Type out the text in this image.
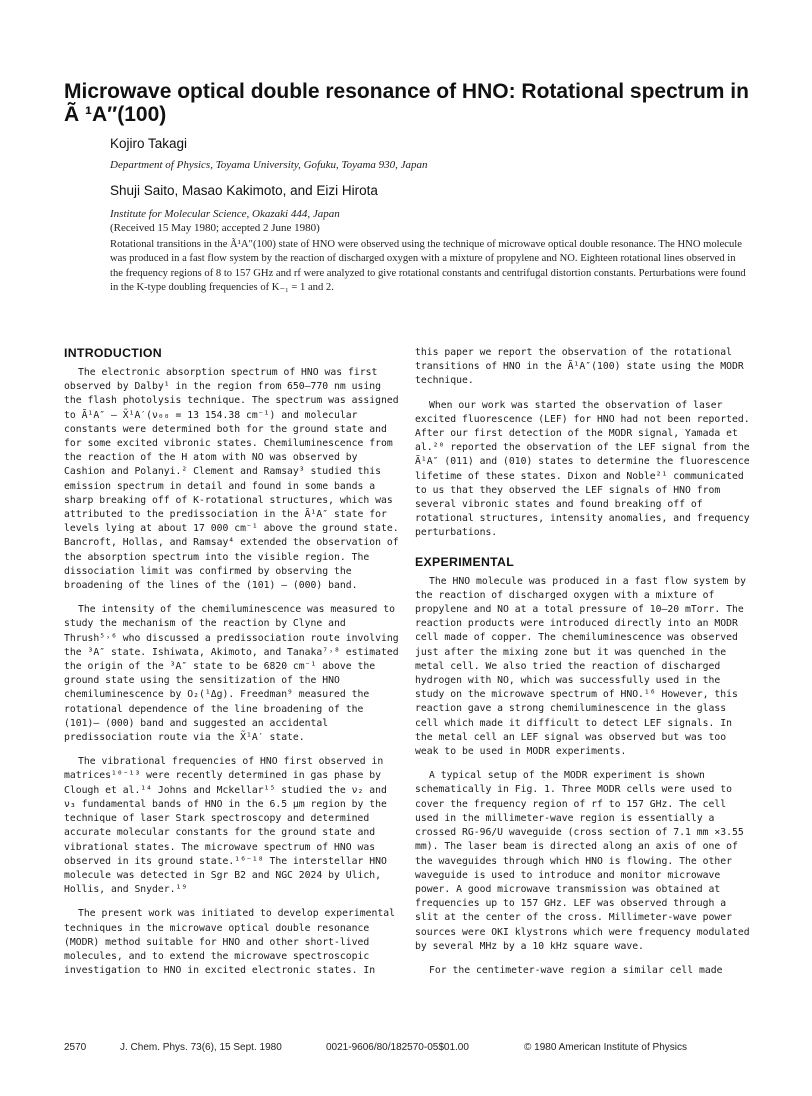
Microwave optical double resonance of HNO: Rotational spectrum in Ã ¹A″(100)
Kojiro Takagi
Department of Physics, Toyama University, Gofuku, Toyama 930, Japan
Shuji Saito, Masao Kakimoto, and Eizi Hirota
Institute for Molecular Science, Okazaki 444, Japan
(Received 15 May 1980; accepted 2 June 1980)

Rotational transitions in the Ã¹A″(100) state of HNO were observed using the technique of microwave optical double resonance. The HNO molecule was produced in a fast flow system by the reaction of discharged oxygen with a mixture of propylene and NO. Eighteen rotational lines observed in the frequency regions of 8 to 157 GHz and rf were analyzed to give rotational constants and centrifugal distortion constants. Perturbations were found in the K-type doubling frequencies of K₋₁ = 1 and 2.

INTRODUCTION

The electronic absorption spectrum of HNO was first observed by Dalby¹ in the region from 650–770 nm using the flash photolysis technique. The spectrum was assigned to Ã¹A″ – X̃¹A′(ν₀₀ = 13 154.38 cm⁻¹) and molecular constants were determined both for the ground state and for some excited vibronic states. Chemiluminescence from the reaction of the H atom with NO was observed by Cashion and Polanyi.² Clement and Ramsay³ studied this emission spectrum in detail and found in some bands a sharp breaking off of K-rotational structures, which was attributed to the predissociation in the Ã¹A″ state for levels lying at about 17 000 cm⁻¹ above the ground state. Bancroft, Hollas, and Ramsay⁴ extended the observation of the absorption spectrum into the visible region. The dissociation limit was confirmed by observing the broadening of the lines of the (101) – (000) band.

The intensity of the chemiluminescence was measured to study the mechanism of the reaction by Clyne and Thrush⁵˒⁶ who discussed a predissociation route involving the ³A″ state. Ishiwata, Akimoto, and Tanaka⁷˒⁸ estimated the origin of the ³A″ state to be 6820 cm⁻¹ above the ground state using the sensitization of the HNO chemiluminescence by O₂(¹Δg). Freedman⁹ measured the rotational dependence of the line broadening of the (101)– (000) band and suggested an accidental predissociation route via the X̃¹A′ state.

The vibrational frequencies of HNO first observed in matrices¹⁰⁻¹³ were recently determined in gas phase by Clough et al.¹⁴ Johns and Mckellar¹⁵ studied the ν₂ and ν₃ fundamental bands of HNO in the 6.5 μm region by the technique of laser Stark spectroscopy and determined accurate molecular constants for the ground state and vibrational states. The microwave spectrum of HNO was observed in its ground state.¹⁶⁻¹⁸ The interstellar HNO molecule was detected in Sgr B2 and NGC 2024 by Ulich, Hollis, and Snyder.¹⁹

The present work was initiated to develop experimental techniques in the microwave optical double resonance (MODR) method suitable for HNO and other short-lived molecules, and to extend the microwave spectroscopic investigation to HNO in excited electronic states. In

this paper we report the observation of the rotational transitions of HNO in the Ã¹A″(100) state using the MODR technique.

When our work was started the observation of laser excited fluorescence (LEF) for HNO had not been reported. After our first detection of the MODR signal, Yamada et al.²⁰ reported the observation of the LEF signal from the Ã¹A″ (011) and (010) states to determine the fluorescence lifetime of these states. Dixon and Noble²¹ communicated to us that they observed the LEF signals of HNO from several vibronic states and found breaking off of rotational structures, intensity anomalies, and frequency perturbations.

EXPERIMENTAL

The HNO molecule was produced in a fast flow system by the reaction of discharged oxygen with a mixture of propylene and NO at a total pressure of 10–20 mTorr. The reaction products were introduced directly into an MODR cell made of copper. The chemiluminescence was observed just after the mixing zone but it was quenched in the metal cell. We also tried the reaction of discharged hydrogen with NO, which was successfully used in the study on the microwave spectrum of HNO.¹⁶ However, this reaction gave a strong chemiluminescence in the glass cell which made it difficult to detect LEF signals. In the metal cell an LEF signal was observed but was too weak to be used in MODR experiments.

A typical setup of the MODR experiment is shown schematically in Fig. 1. Three MODR cells were used to cover the frequency region of rf to 157 GHz. The cell used in the millimeter-wave region is essentially a crossed RG-96/U waveguide (cross section of 7.1 mm ×3.55 mm). The laser beam is directed along an axis of one of the waveguides through which HNO is flowing. The other waveguide is used to introduce and monitor microwave power. A good microwave transmission was obtained at frequencies up to 157 GHz. LEF was observed through a slit at the center of the cross. Millimeter-wave power sources were OKI klystrons which were frequency modulated by several MHz by a 10 kHz square wave.

For the centimeter-wave region a similar cell made

2570	J. Chem. Phys. 73(6), 15 Sept. 1980	0021-9606/80/182570-05$01.00	© 1980 American Institute of Physics
